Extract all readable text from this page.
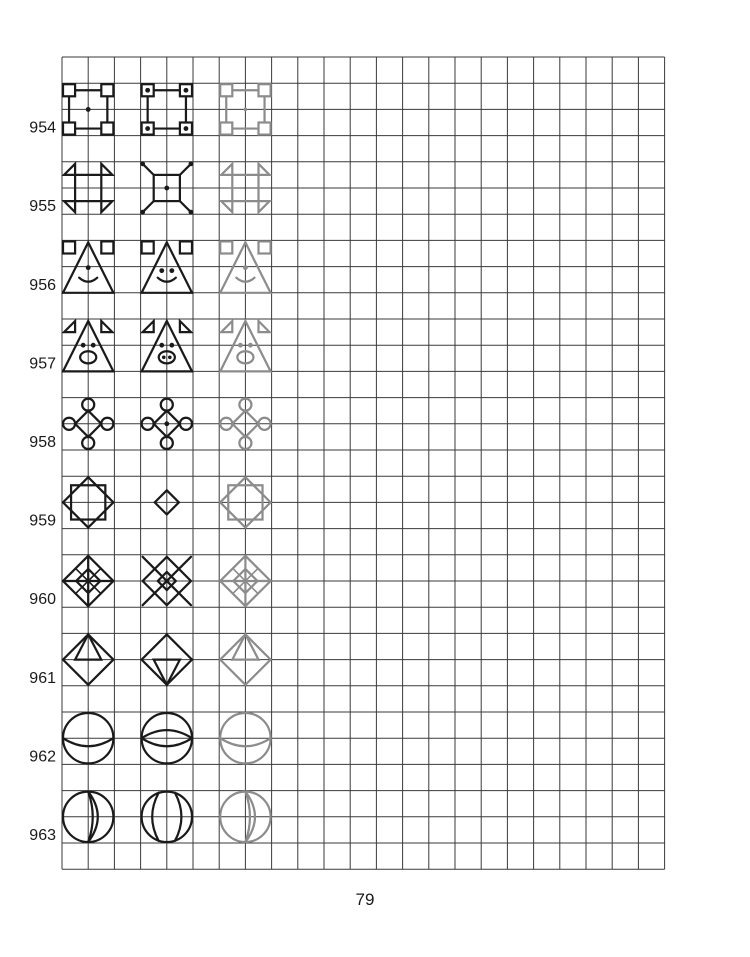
954
955
956
957
958
959
960
961
962
963
79
